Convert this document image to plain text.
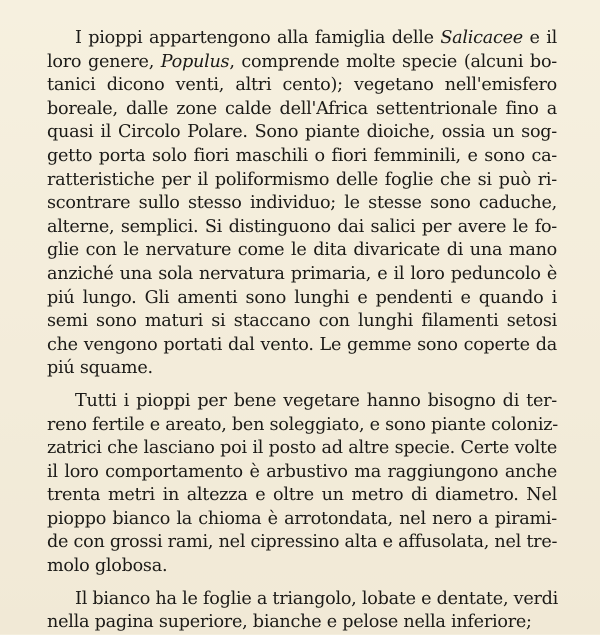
I pioppi appartengono alla famiglia delle Salicacee e il
loro genere, Populus, comprende molte specie (alcuni bo-
tanici dicono venti, altri cento); vegetano nell'emisfero
boreale, dalle zone calde dell'Africa settentrionale fino a
quasi il Circolo Polare. Sono piante dioiche, ossia un sog-
getto porta solo fiori maschili o fiori femminili, e sono ca-
ratteristiche per il poliformismo delle foglie che si può ri-
scontrare sullo stesso individuo; le stesse sono caduche,
alterne, semplici. Si distinguono dai salici per avere le fo-
glie con le nervature come le dita divaricate di una mano
anziché una sola nervatura primaria, e il loro peduncolo è
piú lungo. Gli amenti sono lunghi e pendenti e quando i
semi sono maturi si staccano con lunghi filamenti setosi
che vengono portati dal vento. Le gemme sono coperte da
piú squame.

Tutti i pioppi per bene vegetare hanno bisogno di ter-
reno fertile e areato, ben soleggiato, e sono piante coloniz-
zatrici che lasciano poi il posto ad altre specie. Certe volte
il loro comportamento è arbustivo ma raggiungono anche
trenta metri in altezza e oltre un metro di diametro. Nel
pioppo bianco la chioma è arrotondata, nel nero a pirami-
de con grossi rami, nel cipressino alta e affusolata, nel tre-
molo globosa.

Il bianco ha le foglie a triangolo, lobate e dentate, verdi
nella pagina superiore, bianche e pelose nella inferiore;
